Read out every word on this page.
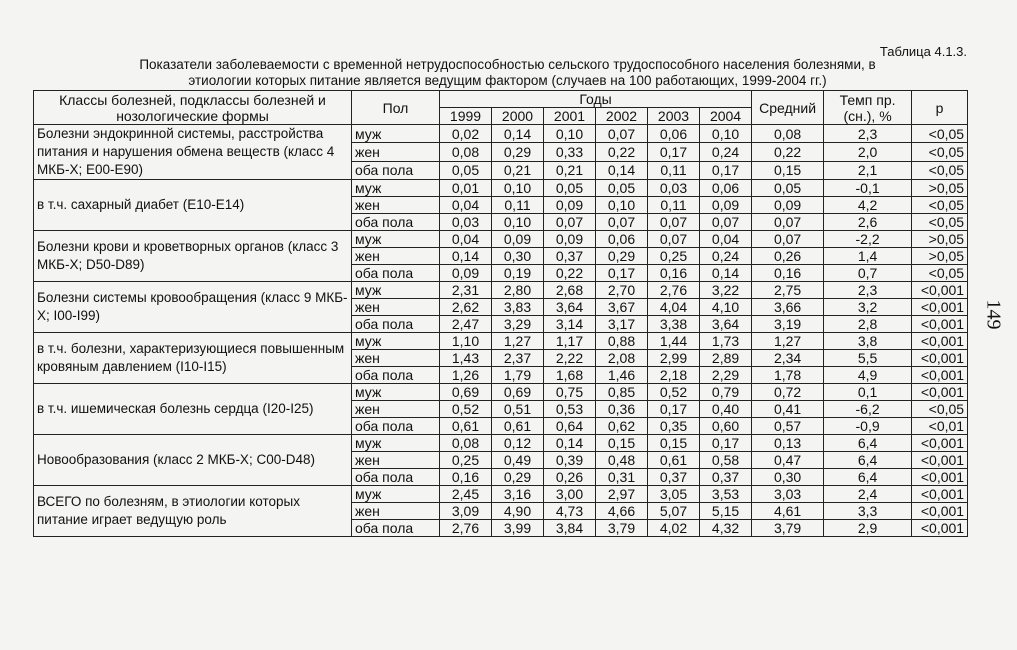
Таблица 4.1.3.
Показатели заболеваемости с временной нетрудоспособностью сельского трудоспособного населения болезнями, в
этиологии которых питание является ведущим фактором (случаев на 100 работающих, 1999-2004 гг.)
149
Классы болезней, подклассы болезней и нозологические формы	Пол	Годы						Средний	Темп пр. (сн.), %	p
		1999	2000	2001	2002	2003	2004			
Болезни эндокринной системы, расстройства питания и нарушения обмена веществ (класс 4 МКБ-Х; Е00-Е90)	муж	0,02	0,14	0,10	0,07	0,06	0,10	0,08	2,3	<0,05
	жен	0,08	0,29	0,33	0,22	0,17	0,24	0,22	2,0	<0,05
	оба пола	0,05	0,21	0,21	0,14	0,11	0,17	0,15	2,1	<0,05
в т.ч. сахарный диабет (Е10-Е14)	муж	0,01	0,10	0,05	0,05	0,03	0,06	0,05	-0,1	>0,05
	жен	0,04	0,11	0,09	0,10	0,11	0,09	0,09	4,2	<0,05
	оба пола	0,03	0,10	0,07	0,07	0,07	0,07	0,07	2,6	<0,05
Болезни крови и кроветворных органов (класс 3 МКБ-Х; D50-D89)	муж	0,04	0,09	0,09	0,06	0,07	0,04	0,07	-2,2	>0,05
	жен	0,14	0,30	0,37	0,29	0,25	0,24	0,26	1,4	>0,05
	оба пола	0,09	0,19	0,22	0,17	0,16	0,14	0,16	0,7	<0,05
Болезни системы кровообращения (класс 9 МКБ-Х; I00-I99)	муж	2,31	2,80	2,68	2,70	2,76	3,22	2,75	2,3	<0,001
	жен	2,62	3,83	3,64	3,67	4,04	4,10	3,66	3,2	<0,001
	оба пола	2,47	3,29	3,14	3,17	3,38	3,64	3,19	2,8	<0,001
в т.ч. болезни, характеризующиеся повышенным кровяным давлением (I10-I15)	муж	1,10	1,27	1,17	0,88	1,44	1,73	1,27	3,8	<0,001
	жен	1,43	2,37	2,22	2,08	2,99	2,89	2,34	5,5	<0,001
	оба пола	1,26	1,79	1,68	1,46	2,18	2,29	1,78	4,9	<0,001
в т.ч. ишемическая болезнь сердца (I20-I25)	муж	0,69	0,69	0,75	0,85	0,52	0,79	0,72	0,1	<0,001
	жен	0,52	0,51	0,53	0,36	0,17	0,40	0,41	-6,2	<0,05
	оба пола	0,61	0,61	0,64	0,62	0,35	0,60	0,57	-0,9	<0,01
Новообразования (класс 2 МКБ-Х; С00-D48)	муж	0,08	0,12	0,14	0,15	0,15	0,17	0,13	6,4	<0,001
	жен	0,25	0,49	0,39	0,48	0,61	0,58	0,47	6,4	<0,001
	оба пола	0,16	0,29	0,26	0,31	0,37	0,37	0,30	6,4	<0,001
ВСЕГО по болезням, в этиологии которых питание играет ведущую роль	муж	2,45	3,16	3,00	2,97	3,05	3,53	3,03	2,4	<0,001
	жен	3,09	4,90	4,73	4,66	5,07	5,15	4,61	3,3	<0,001
	оба пола	2,76	3,99	3,84	3,79	4,02	4,32	3,79	2,9	<0,001
